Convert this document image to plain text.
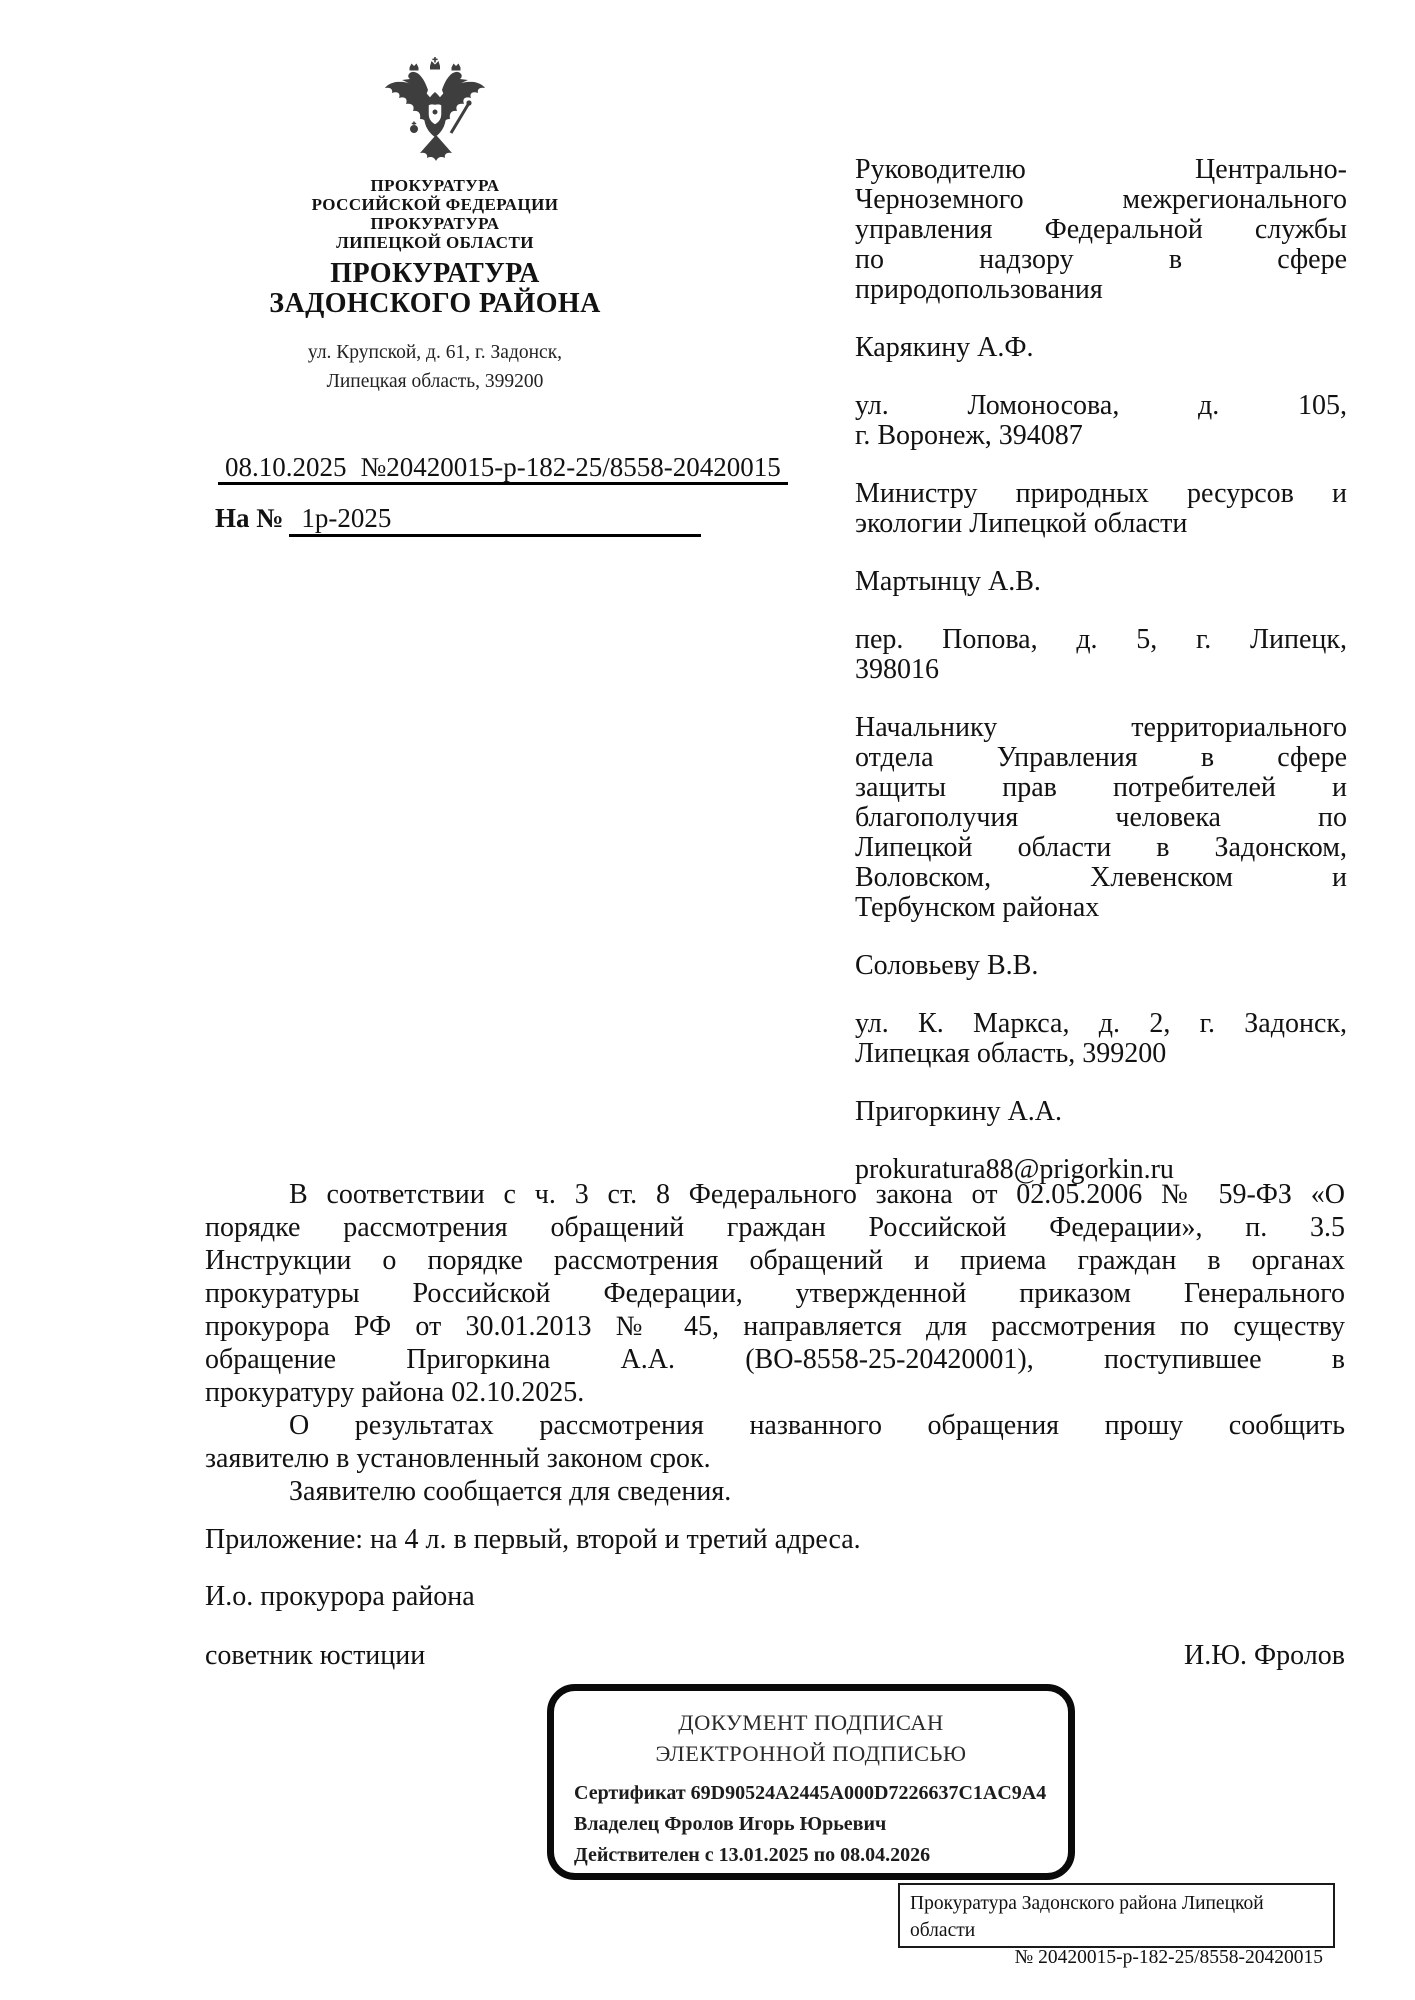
ПРОКУРАТУРА
РОССИЙСКОЙ ФЕДЕРАЦИИ
ПРОКУРАТУРА
ЛИПЕЦКОЙ ОБЛАСТИ
ПРОКУРАТУРА
ЗАДОНСКОГО РАЙОНА
ул. Крупской, д. 61, г. Задонск,
Липецкая область, 399200
08.10.2025 №20420015-р-182-25/8558-20420015
На № 1р-2025
Руководителю Центрально-
Черноземного межрегионального
управления Федеральной службы
по надзору в сфере
природопользования
Карякину А.Ф.
ул. Ломоносова, д. 105,
г. Воронеж, 394087
Министру природных ресурсов и
экологии Липецкой области
Мартынцу А.В.
пер. Попова, д. 5, г. Липецк,
398016
Начальнику территориального
отдела Управления в сфере
защиты прав потребителей и
благополучия человека по
Липецкой области в Задонском,
Воловском, Хлевенском и
Тербунском районах
Соловьеву В.В.
ул. К. Маркса, д. 2, г. Задонск,
Липецкая область, 399200
Пригоркину А.А.
prokuratura88@prigorkin.ru
В соответствии с ч. 3 ст. 8 Федерального закона от 02.05.2006 № 59-ФЗ «О
порядке рассмотрения обращений граждан Российской Федерации», п. 3.5
Инструкции о порядке рассмотрения обращений и приема граждан в органах
прокуратуры Российской Федерации, утвержденной приказом Генерального
прокурора РФ от 30.01.2013 № 45, направляется для рассмотрения по существу
обращение Пригоркина А.А. (ВО-8558-25-20420001), поступившее в
прокуратуру района 02.10.2025.
О результатах рассмотрения названного обращения прошу сообщить
заявителю в установленный законом срок.
Заявителю сообщается для сведения.
Приложение: на 4 л. в первый, второй и третий адреса.
И.о. прокурора района
советник юстиции	И.Ю. Фролов
ДОКУМЕНТ ПОДПИСАН
ЭЛЕКТРОННОЙ ПОДПИСЬЮ
Сертификат 69D90524A2445A000D7226637C1AC9A4
Владелец Фролов Игорь Юрьевич
Действителен с 13.01.2025 по 08.04.2026
Прокуратура Задонского района Липецкой области
№ 20420015-р-182-25/8558-20420015
